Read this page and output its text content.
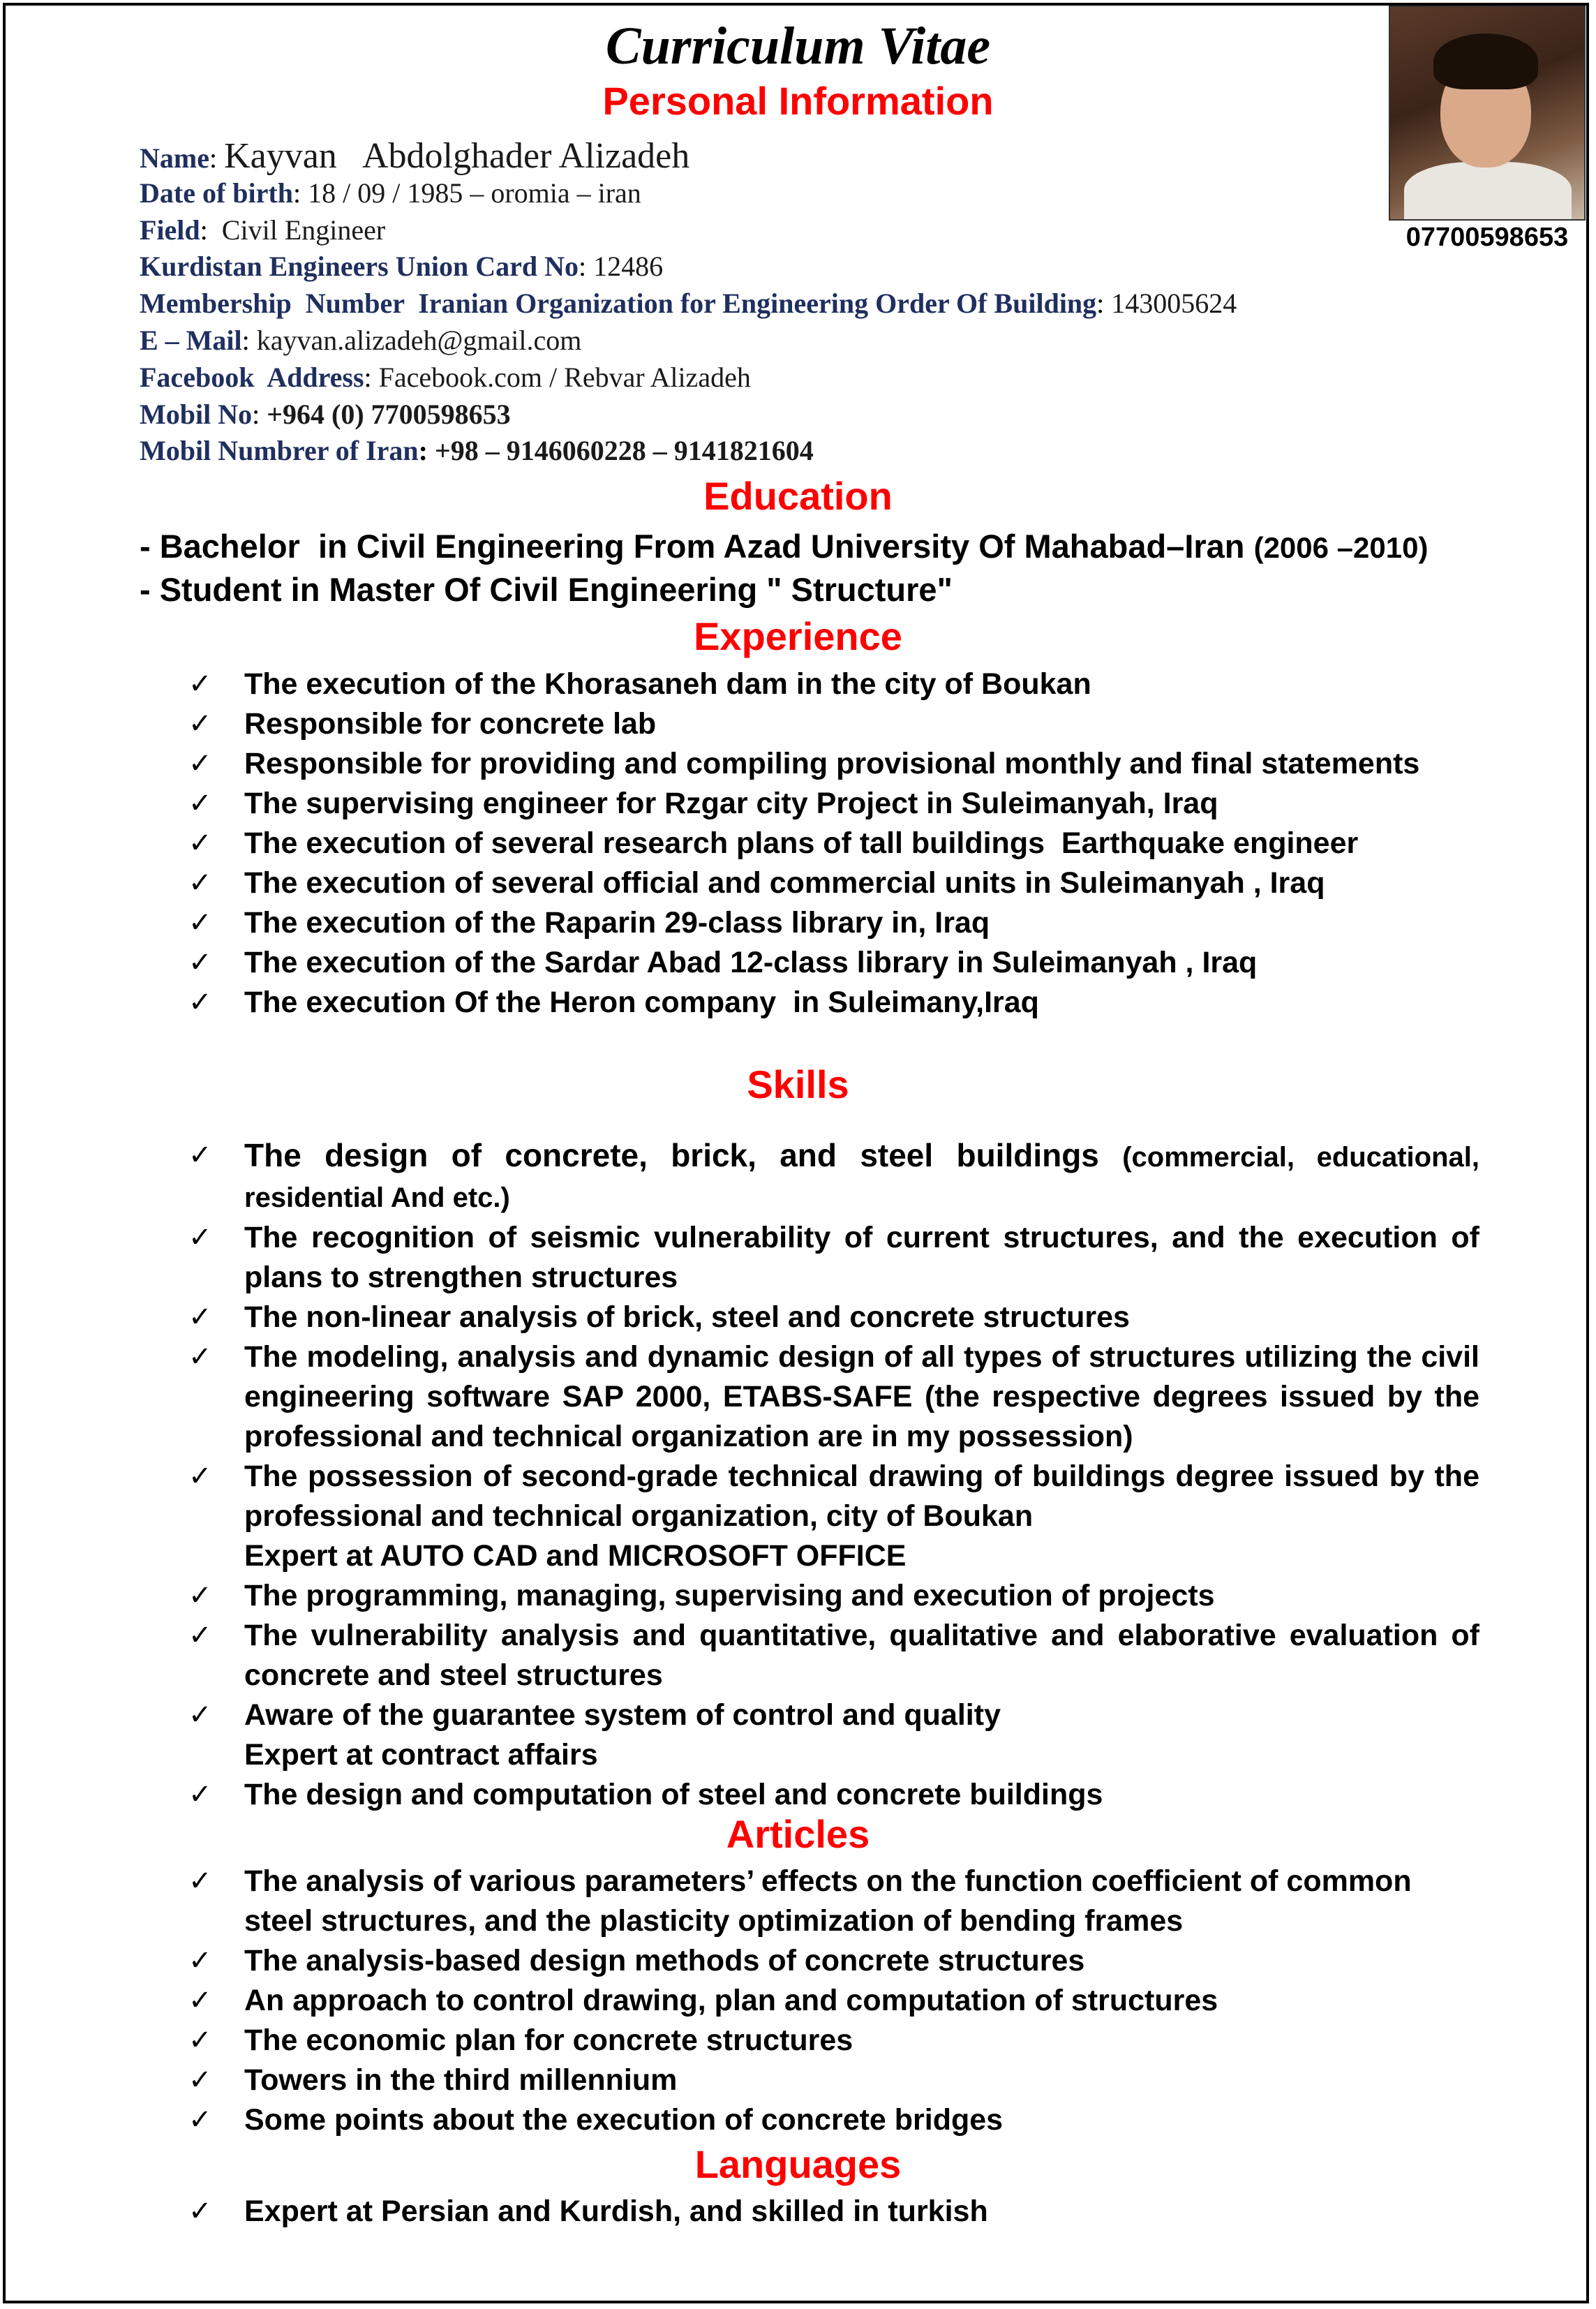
Curriculum Vitae
07700598653
Personal Information
Name: Kayvan   Abdolghader Alizadeh
Date of birth: 18 / 09 / 1985 – oromia – iran
Field:  Civil Engineer
Kurdistan Engineers Union Card No: 12486
Membership  Number  Iranian Organization for Engineering Order Of Building: 143005624
E – Mail: kayvan.alizadeh@gmail.com
Facebook  Address: Facebook.com / Rebvar Alizadeh
Mobil No: +964 (0) 7700598653
Mobil Numbrer of Iran: +98 – 9146060228 – 9141821604
Education
- Bachelor  in Civil Engineering From Azad University Of Mahabad–Iran (2006 –2010)
- Student in Master Of Civil Engineering " Structure"
Experience
✓ The execution of the Khorasaneh dam in the city of Boukan
✓ Responsible for concrete lab
✓ Responsible for providing and compiling provisional monthly and final statements
✓ The supervising engineer for Rzgar city Project in Suleimanyah, Iraq
✓ The execution of several research plans of tall buildings  Earthquake engineer
✓ The execution of several official and commercial units in Suleimanyah , Iraq
✓ The execution of the Raparin 29-class library in, Iraq
✓ The execution of the Sardar Abad 12-class library in Suleimanyah , Iraq
✓ The execution Of the Heron company  in Suleimany,Iraq
Skills
✓ The design of concrete, brick, and steel buildings (commercial, educational, residential And etc.)
✓ The recognition of seismic vulnerability of current structures, and the execution of plans to strengthen structures
✓ The non-linear analysis of brick, steel and concrete structures
✓ The modeling, analysis and dynamic design of all types of structures utilizing the civil engineering software SAP 2000, ETABS-SAFE (the respective degrees issued by the professional and technical organization are in my possession)
✓ The possession of second-grade technical drawing of buildings degree issued by the professional and technical organization, city of Boukan
Expert at AUTO CAD and MICROSOFT OFFICE
✓ The programming, managing, supervising and execution of projects
✓ The vulnerability analysis and quantitative, qualitative and elaborative evaluation of concrete and steel structures
✓ Aware of the guarantee system of control and quality
Expert at contract affairs
✓ The design and computation of steel and concrete buildings
Articles
✓ The analysis of various parameters’ effects on the function coefficient of common steel structures, and the plasticity optimization of bending frames
✓ The analysis-based design methods of concrete structures
✓ An approach to control drawing, plan and computation of structures
✓ The economic plan for concrete structures
✓ Towers in the third millennium
✓ Some points about the execution of concrete bridges
Languages
✓ Expert at Persian and Kurdish, and skilled in turkish
